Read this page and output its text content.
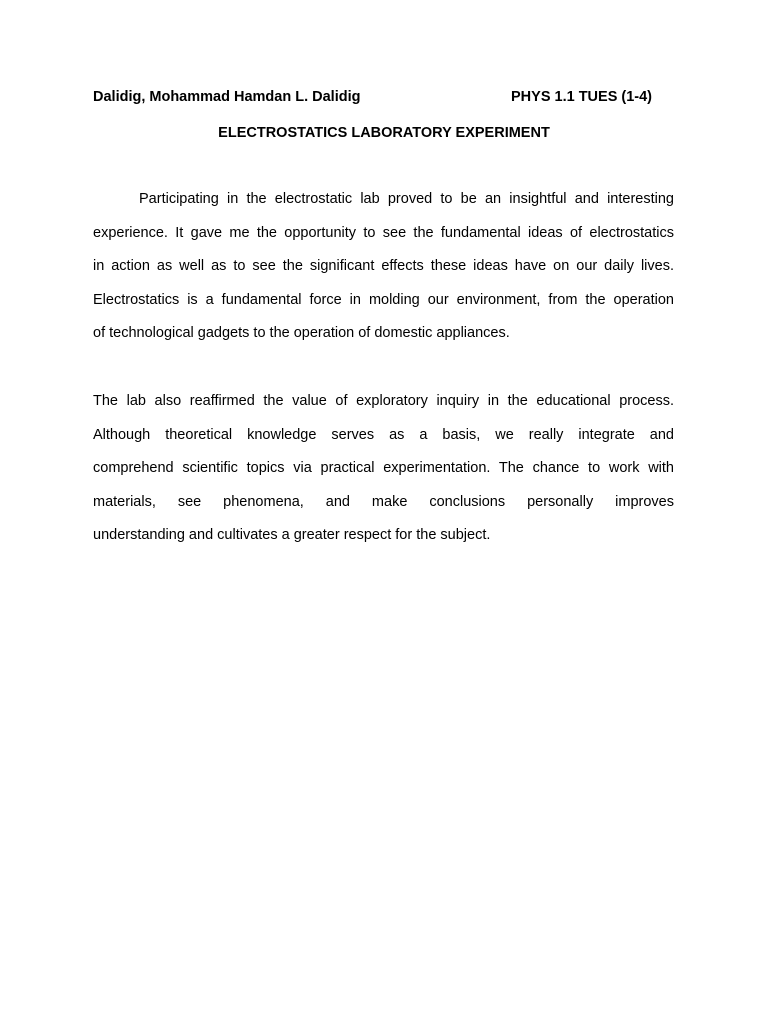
Dalidig, Mohammad Hamdan L. Dalidig	PHYS 1.1 TUES (1-4)
ELECTROSTATICS LABORATORY EXPERIMENT

Participating in the electrostatic lab proved to be an insightful and interesting
experience. It gave me the opportunity to see the fundamental ideas of electrostatics
in action as well as to see the significant effects these ideas have on our daily lives.
Electrostatics is a fundamental force in molding our environment, from the operation
of technological gadgets to the operation of domestic appliances.

The lab also reaffirmed the value of exploratory inquiry in the educational process.
Although theoretical knowledge serves as a basis, we really integrate and
comprehend scientific topics via practical experimentation. The chance to work with
materials, see phenomena, and make conclusions personally improves
understanding and cultivates a greater respect for the subject.
